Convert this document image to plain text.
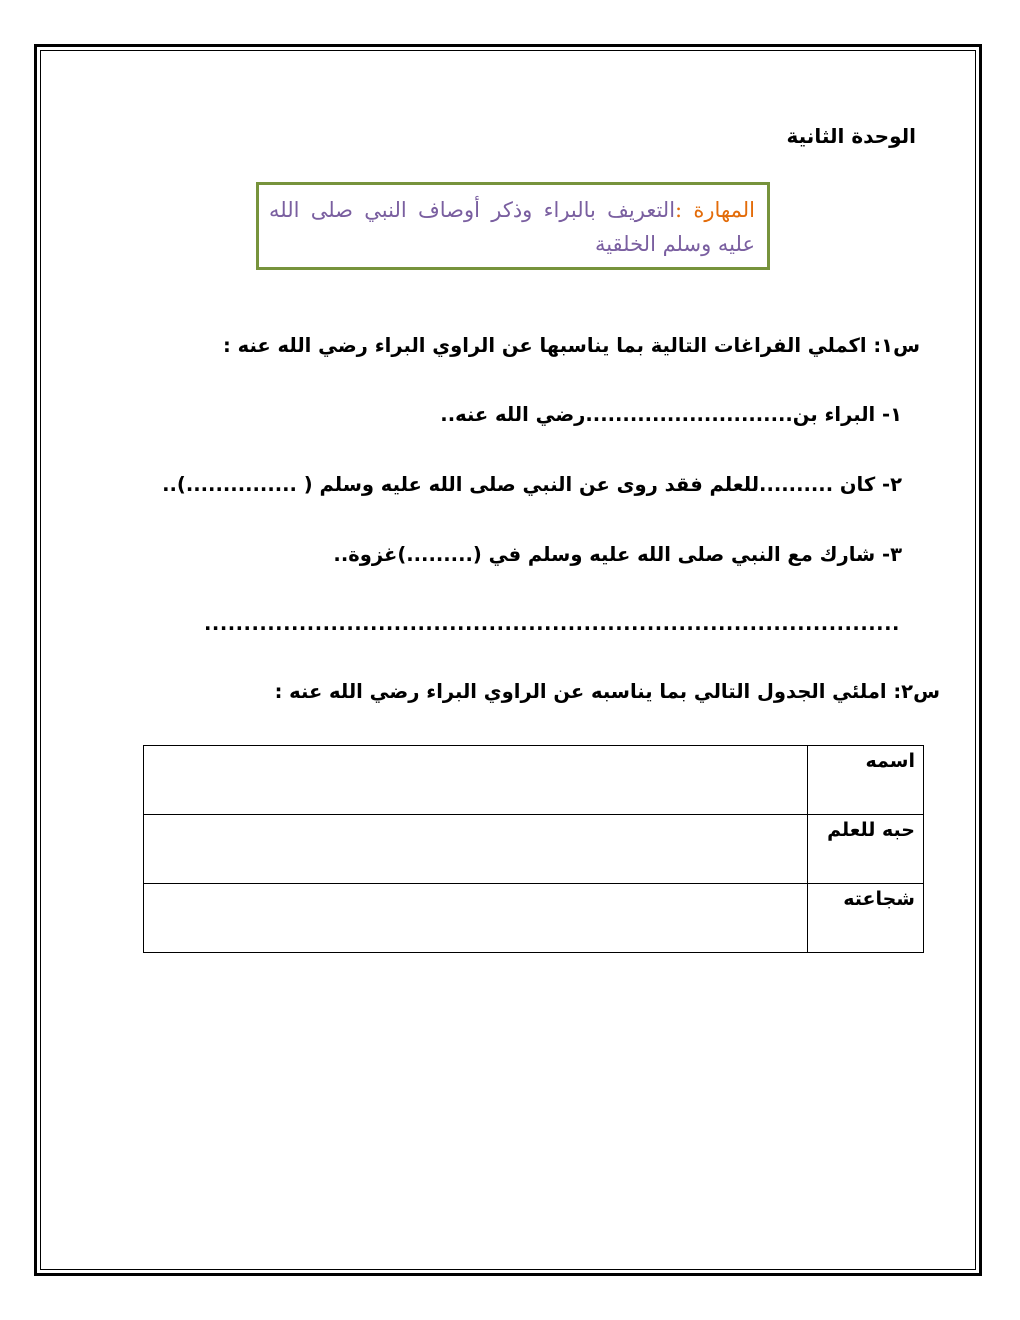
الوحدة الثانية
المهارة :التعريف بالبراء وذكر أوصاف النبي صلى الله عليه وسلم الخلقية
س١: اكملي الفراغات التالية بما يناسبها عن الراوي البراء رضي الله عنه :
١- البراء بن............................رضي الله عنه..
٢- كان ..........للعلم فقد روى عن النبي صلى الله عليه وسلم ( ...............)..
٣- شارك مع النبي صلى الله عليه وسلم في (.........)غزوة..
........................................................................................
س٢: املئي الجدول التالي بما يناسبه عن الراوي البراء رضي الله عنه :
اسمه	
حبه للعلم	
شجاعته	
